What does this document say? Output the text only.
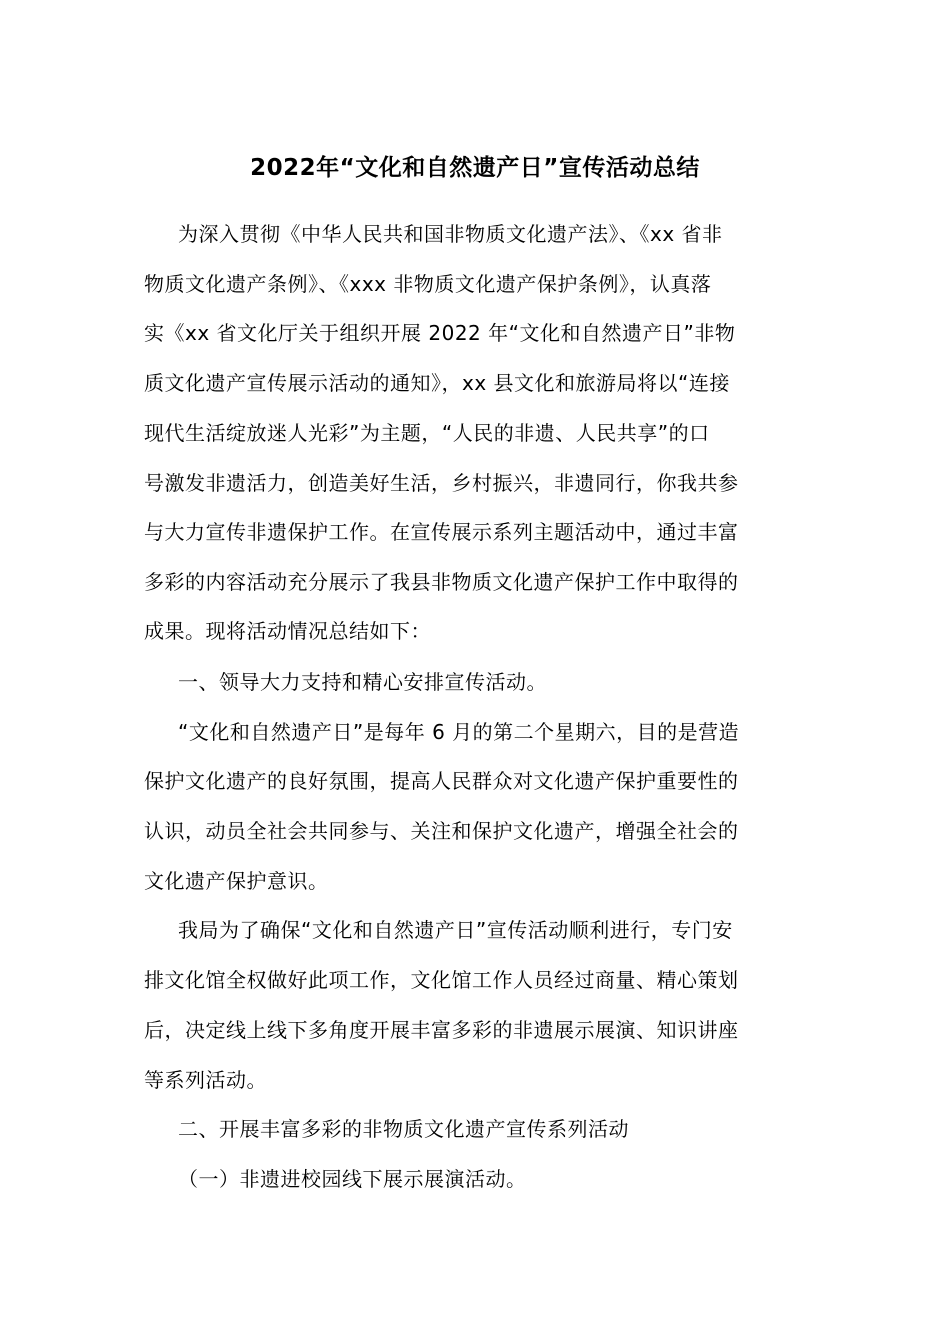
2022年“文化和自然遗产日”宣传活动总结
为深入贯彻《中华人民共和国非物质文化遗产法》、《xx 省非
物质文化遗产条例》、《xxx 非物质文化遗产保护条例》，认真落
实《xx 省文化厅关于组织开展 2022 年“文化和自然遗产日”非物
质文化遗产宣传展示活动的通知》，xx 县文化和旅游局将以“连接
现代生活绽放迷人光彩”为主题，“人民的非遗、人民共享”的口
号激发非遗活力，创造美好生活，乡村振兴，非遗同行，你我共参
与大力宣传非遗保护工作。在宣传展示系列主题活动中，通过丰富
多彩的内容活动充分展示了我县非物质文化遗产保护工作中取得的
成果。现将活动情况总结如下：
一、领导大力支持和精心安排宣传活动。
“文化和自然遗产日”是每年 6 月的第二个星期六，目的是营造
保护文化遗产的良好氛围，提高人民群众对文化遗产保护重要性的
认识，动员全社会共同参与、关注和保护文化遗产，增强全社会的
文化遗产保护意识。
我局为了确保“文化和自然遗产日”宣传活动顺利进行，专门安
排文化馆全权做好此项工作，文化馆工作人员经过商量、精心策划
后，决定线上线下多角度开展丰富多彩的非遗展示展演、知识讲座
等系列活动。
二、开展丰富多彩的非物质文化遗产宣传系列活动
（一）非遗进校园线下展示展演活动。
